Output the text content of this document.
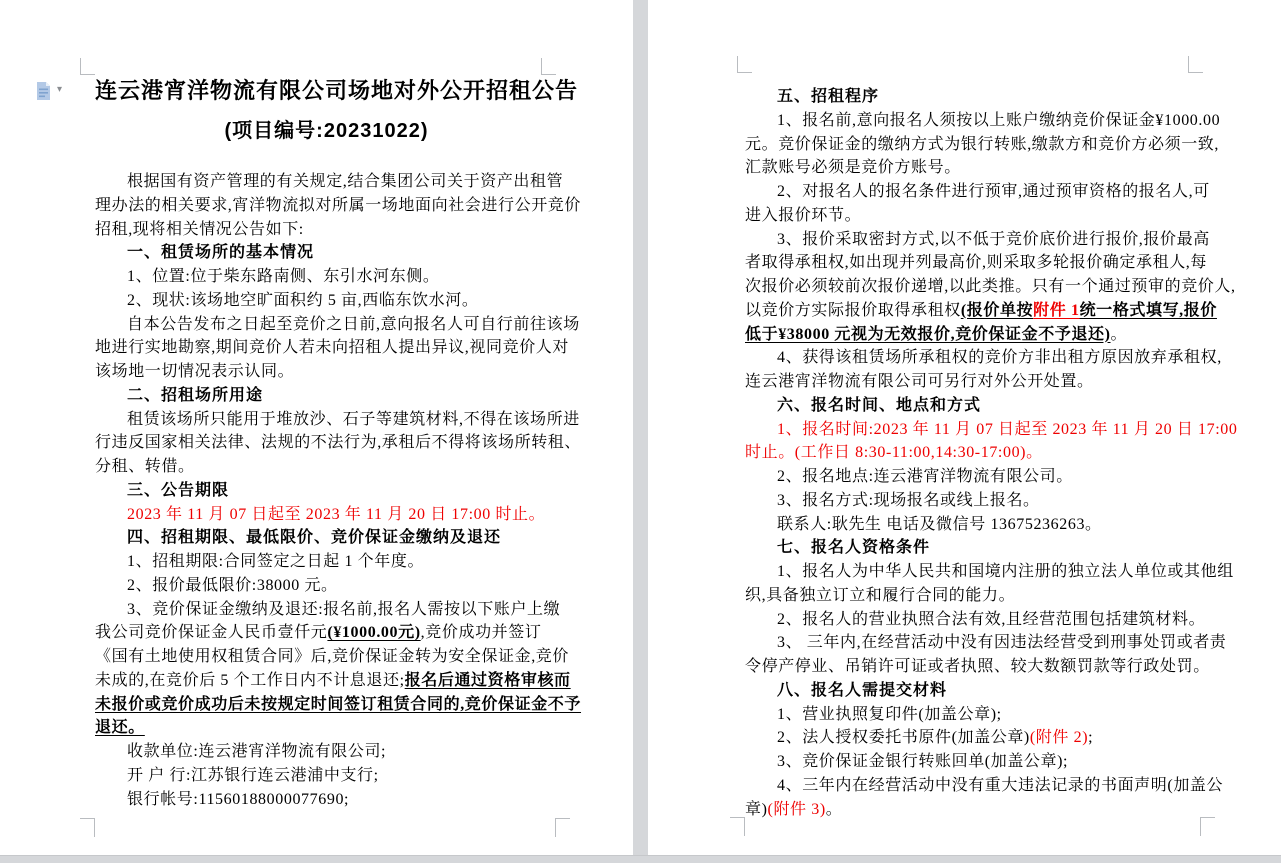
▾ 连云港宵洋物流有限公司场地对外公开招租公告
(项目编号:20231022)
根据国有资产管理的有关规定,结合集团公司关于资产出租管
理办法的相关要求,宵洋物流拟对所属一场地面向社会进行公开竞价
招租,现将相关情况公告如下:
一、租赁场所的基本情况
1、位置:位于柴东路南侧、东引水河东侧。
2、现状:该场地空旷面积约 5 亩,西临东饮水河。
自本公告发布之日起至竞价之日前,意向报名人可自行前往该场
地进行实地勘察,期间竞价人若未向招租人提出异议,视同竞价人对
该场地一切情况表示认同。
二、招租场所用途
租赁该场所只能用于堆放沙、石子等建筑材料,不得在该场所进
行违反国家相关法律、法规的不法行为,承租后不得将该场所转租、
分租、转借。
三、公告期限
2023 年 11 月 07 日起至 2023 年 11 月 20 日 17:00 时止。
四、招租期限、最低限价、竞价保证金缴纳及退还
1、招租期限:合同签定之日起 1 个年度。
2、报价最低限价:38000 元。
3、竞价保证金缴纳及退还:报名前,报名人需按以下账户上缴
我公司竞价保证金人民币壹仟元(¥1000.00元),竞价成功并签订
《国有土地使用权租赁合同》后,竞价保证金转为安全保证金,竞价
未成的,在竞价后 5 个工作日内不计息退还;报名后通过资格审核而
未报价或竞价成功后未按规定时间签订租赁合同的,竞价保证金不予
退还。
收款单位:连云港宵洋物流有限公司;
开 户 行:江苏银行连云港浦中支行;
银行帐号:11560188000077690;
五、招租程序
1、报名前,意向报名人须按以上账户缴纳竞价保证金¥1000.00
元。竞价保证金的缴纳方式为银行转账,缴款方和竞价方必须一致,
汇款账号必须是竞价方账号。
2、对报名人的报名条件进行预审,通过预审资格的报名人,可
进入报价环节。
3、报价采取密封方式,以不低于竞价底价进行报价,报价最高
者取得承租权,如出现并列最高价,则采取多轮报价确定承租人,每
次报价必须较前次报价递增,以此类推。只有一个通过预审的竞价人,
以竞价方实际报价取得承租权(报价单按附件 1统一格式填写,报价
低于¥38000 元视为无效报价,竞价保证金不予退还)。
4、获得该租赁场所承租权的竞价方非出租方原因放弃承租权,
连云港宵洋物流有限公司可另行对外公开处置。
六、报名时间、地点和方式
1、报名时间:2023 年 11 月 07 日起至 2023 年 11 月 20 日 17:00
时止。(工作日 8:30-11:00,14:30-17:00)。
2、报名地点:连云港宵洋物流有限公司。
3、报名方式:现场报名或线上报名。
联系人:耿先生 电话及微信号 13675236263。
七、报名人资格条件
1、报名人为中华人民共和国境内注册的独立法人单位或其他组
织,具备独立订立和履行合同的能力。
2、报名人的营业执照合法有效,且经营范围包括建筑材料。
3、 三年内,在经营活动中没有因违法经营受到刑事处罚或者责
令停产停业、吊销许可证或者执照、较大数额罚款等行政处罚。
八、报名人需提交材料
1、营业执照复印件(加盖公章);
2、法人授权委托书原件(加盖公章)(附件 2);
3、竞价保证金银行转账回单(加盖公章);
4、三年内在经营活动中没有重大违法记录的书面声明(加盖公
章)(附件 3)。
